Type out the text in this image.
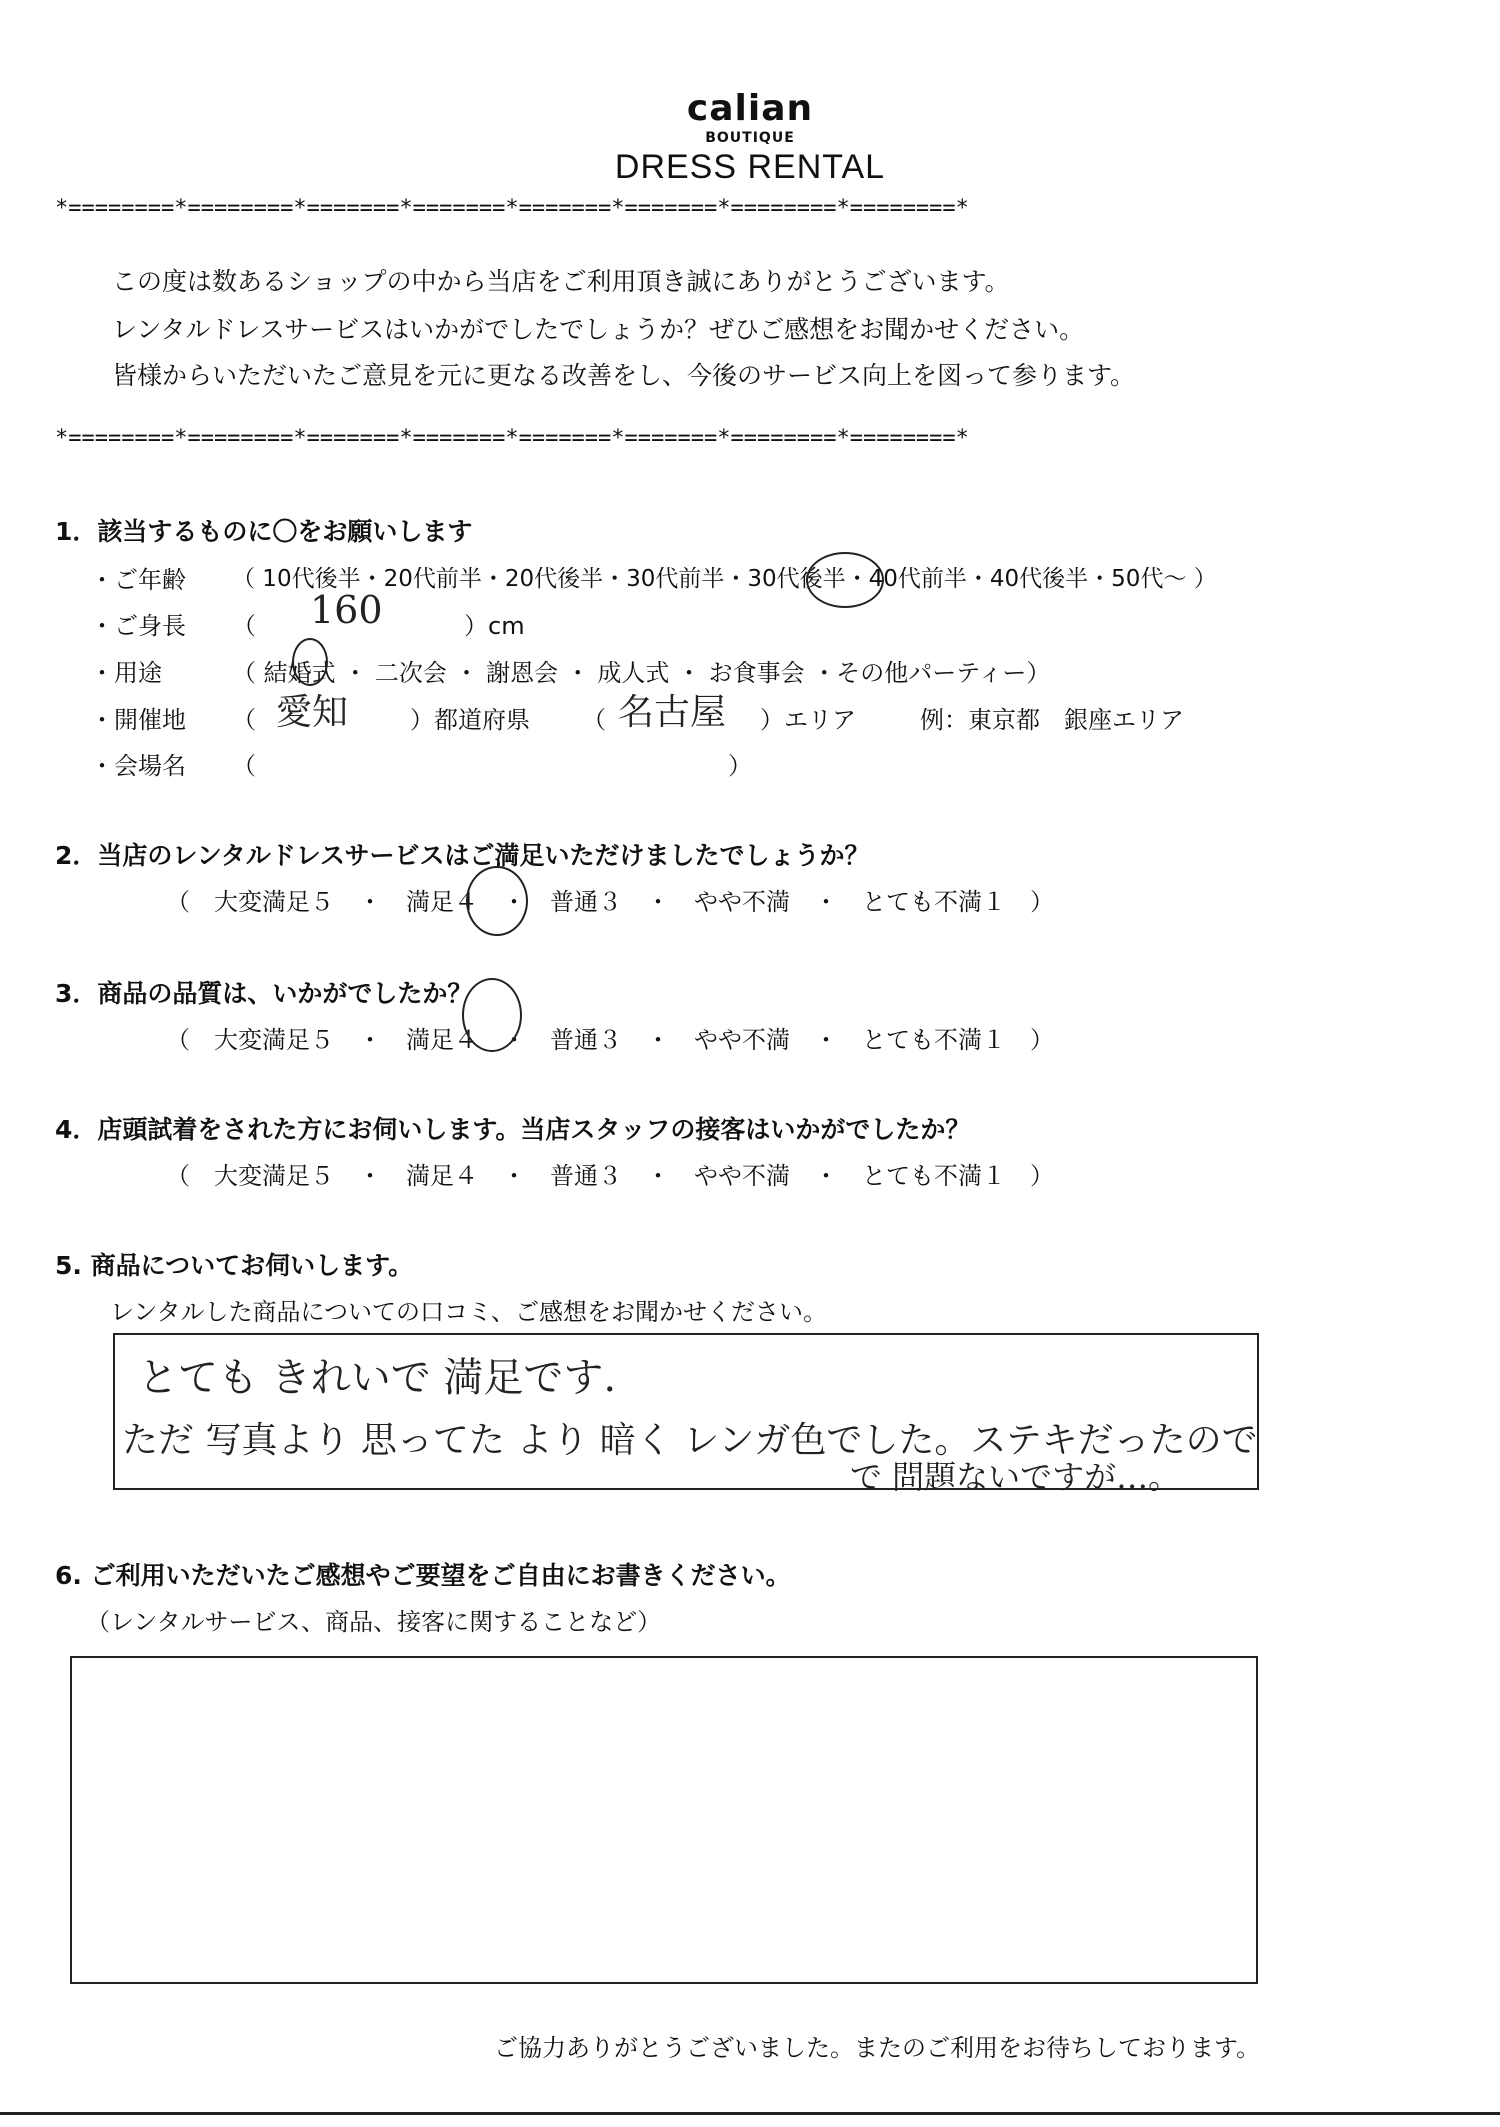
calian
BOUTIQUE
DRESS RENTAL
*========*========*=======*=======*=======*=======*========*========*
この度は数あるショップの中から当店をご利用頂き誠にありがとうございます。
レンタルドレスサービスはいかがでしたでしょうか？ぜひご感想をお聞かせください。
皆様からいただいたご意見を元に更なる改善をし、今後のサービス向上を図って参ります。
*========*========*=======*=======*=======*=======*========*========*
1．該当するものに〇をお願いします
・ご年齢 （ 10代後半・20代前半・20代後半・30代前半・30代後半・40代前半・40代後半・50代～ ）
・ご身長 （ 160	）cm
・用途	（ 結婚式 ・ 二次会 ・ 謝恩会 ・ 成人式 ・ お食事会 ・その他パーティー）
・開催地 （ 愛知	）都道府県 （ 名古屋 ）エリア	例：東京都　銀座エリア
・会場名 （	）
2．当店のレンタルドレスサービスはご満足いただけましたでしょうか？
（　大変満足５　・　満足４　・　普通３　・　やや不満　・　とても不満１　）
3．商品の品質は、いかがでしたか？
（　大変満足５　・　満足４　・　普通３　・　やや不満　・　とても不満１　）
4．店頭試着をされた方にお伺いします。当店スタッフの接客はいかがでしたか？
（　大変満足５　・　満足４　・　普通３　・　やや不満　・　とても不満１　）
5. 商品についてお伺いします。
レンタルした商品についての口コミ、ご感想をお聞かせください。
とても きれいで 満足です.
ただ 写真より 思ってた より 暗く レンガ色でした。ステキだったので
で 問題ないですが…。
6. ご利用いただいたご感想やご要望をご自由にお書きください。
（レンタルサービス、商品、接客に関することなど）
ご協力ありがとうございました。またのご利用をお待ちしております。
